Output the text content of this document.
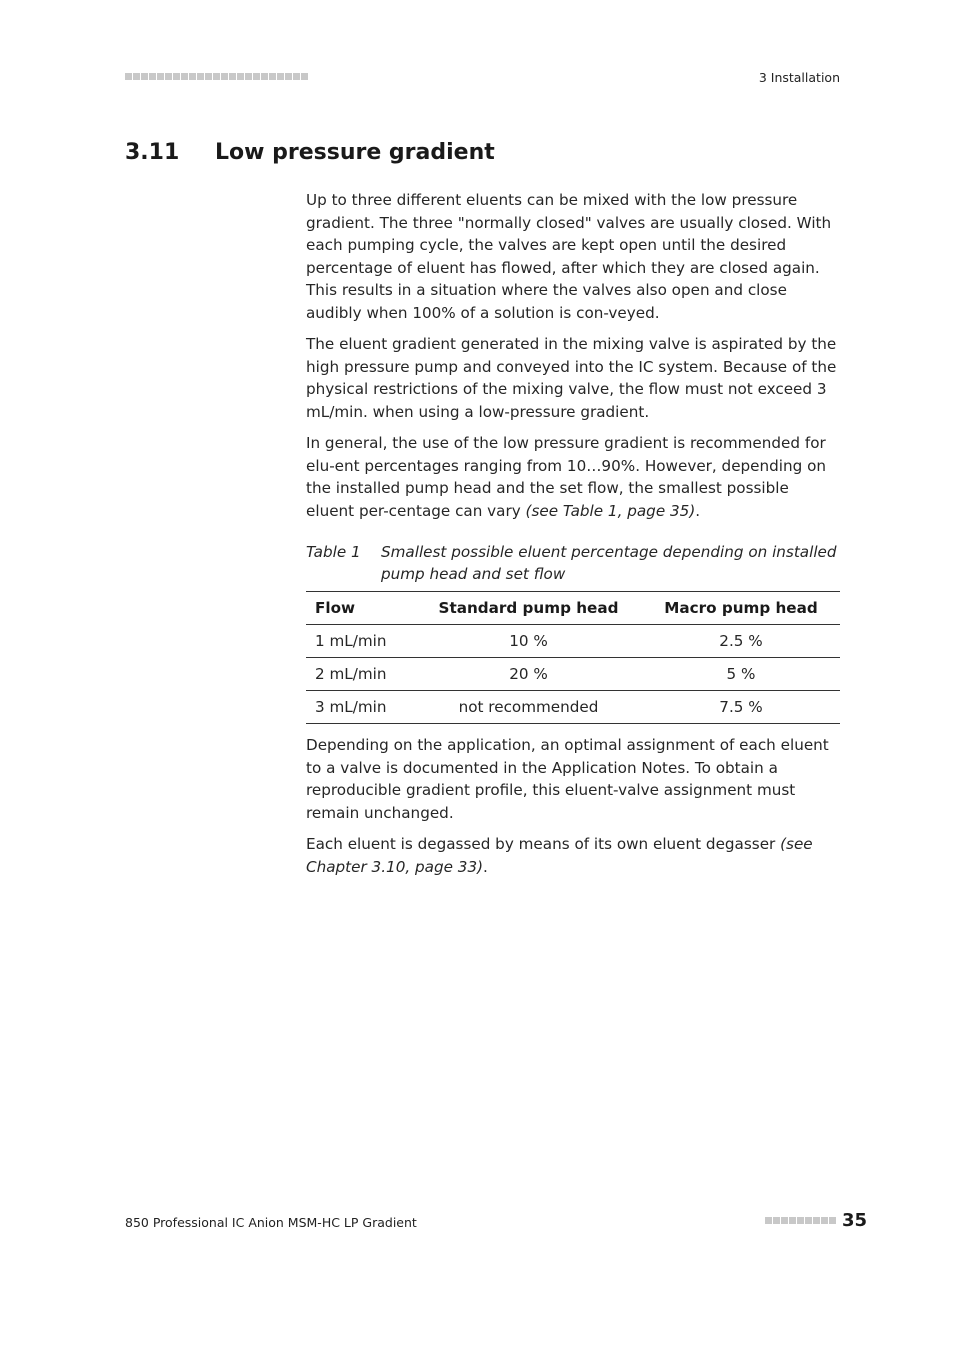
3 Installation
3.11	Low pressure gradient

Up to three different eluents can be mixed with the low pressure gradient. The three "normally closed" valves are usually closed. With each pumping cycle, the valves are kept open until the desired percentage of eluent has flowed, after which they are closed again. This results in a situation where the valves also open and close audibly when 100% of a solution is con-veyed.

The eluent gradient generated in the mixing valve is aspirated by the high pressure pump and conveyed into the IC system. Because of the physical restrictions of the mixing valve, the flow must not exceed 3 mL/min. when using a low-pressure gradient.

In general, the use of the low pressure gradient is recommended for elu-ent percentages ranging from 10…90%. However, depending on the installed pump head and the set flow, the smallest possible eluent per-centage can vary (see Table 1, page 35).

Table 1	Smallest possible eluent percentage depending on installed pump head and set flow
Flow	Standard pump head	Macro pump head
1 mL/min	10 %	2.5 %
2 mL/min	20 %	5 %
3 mL/min	not recommended	7.5 %

Depending on the application, an optimal assignment of each eluent to a valve is documented in the Application Notes. To obtain a reproducible gradient profile, this eluent-valve assignment must remain unchanged.

Each eluent is degassed by means of its own eluent degasser (see Chapter 3.10, page 33).

850 Professional IC Anion MSM-HC LP Gradient	35
